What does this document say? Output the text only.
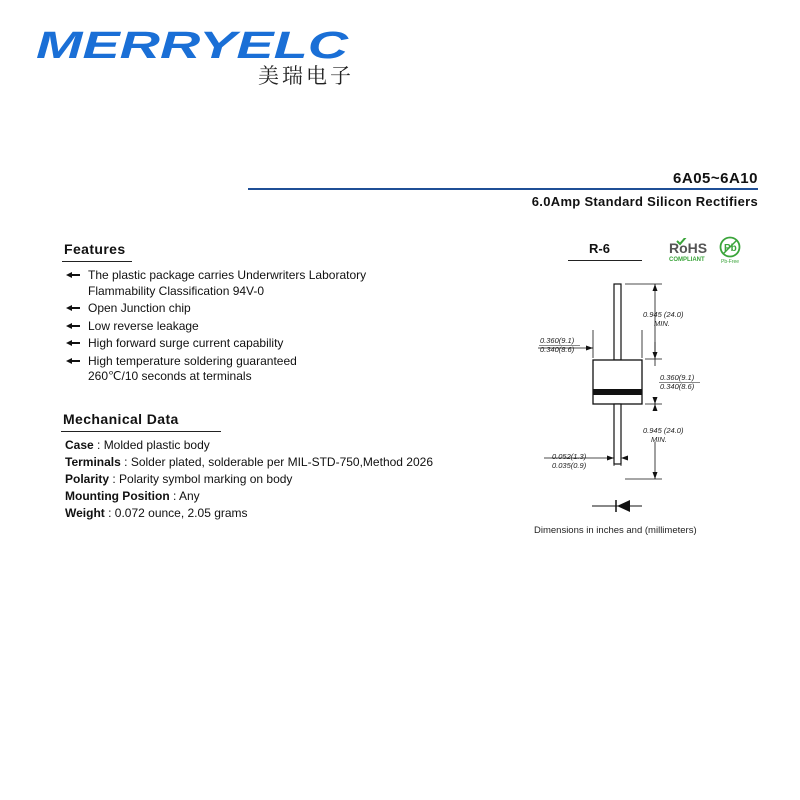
MERRYELC
美瑞电子
6A05~6A10
6.0Amp Standard Silicon Rectifiers
Features
The plastic package carries Underwriters Laboratory
Flammability Classification 94V-0
Open Junction chip
Low reverse leakage
High forward surge current capability
High temperature soldering guaranteed
260℃/10 seconds at terminals
Mechanical Data
Case : Molded plastic body
Terminals : Solder plated, solderable per MIL-STD-750,Method 2026
Polarity : Polarity symbol marking on body
Mounting Position : Any
Weight : 0.072 ounce, 2.05 grams
R-6	RoHS
COMPLIANT
Pb
Pb-Free
0.945 (24.0)
MIN.
0.360(9.1)
0.340(8.6)
0.360(9.1)
0.340(8.6)
0.945 (24.0)
MIN.
0.052(1.3)
0.035(0.9)
Dimensions in inches and (millimeters)
